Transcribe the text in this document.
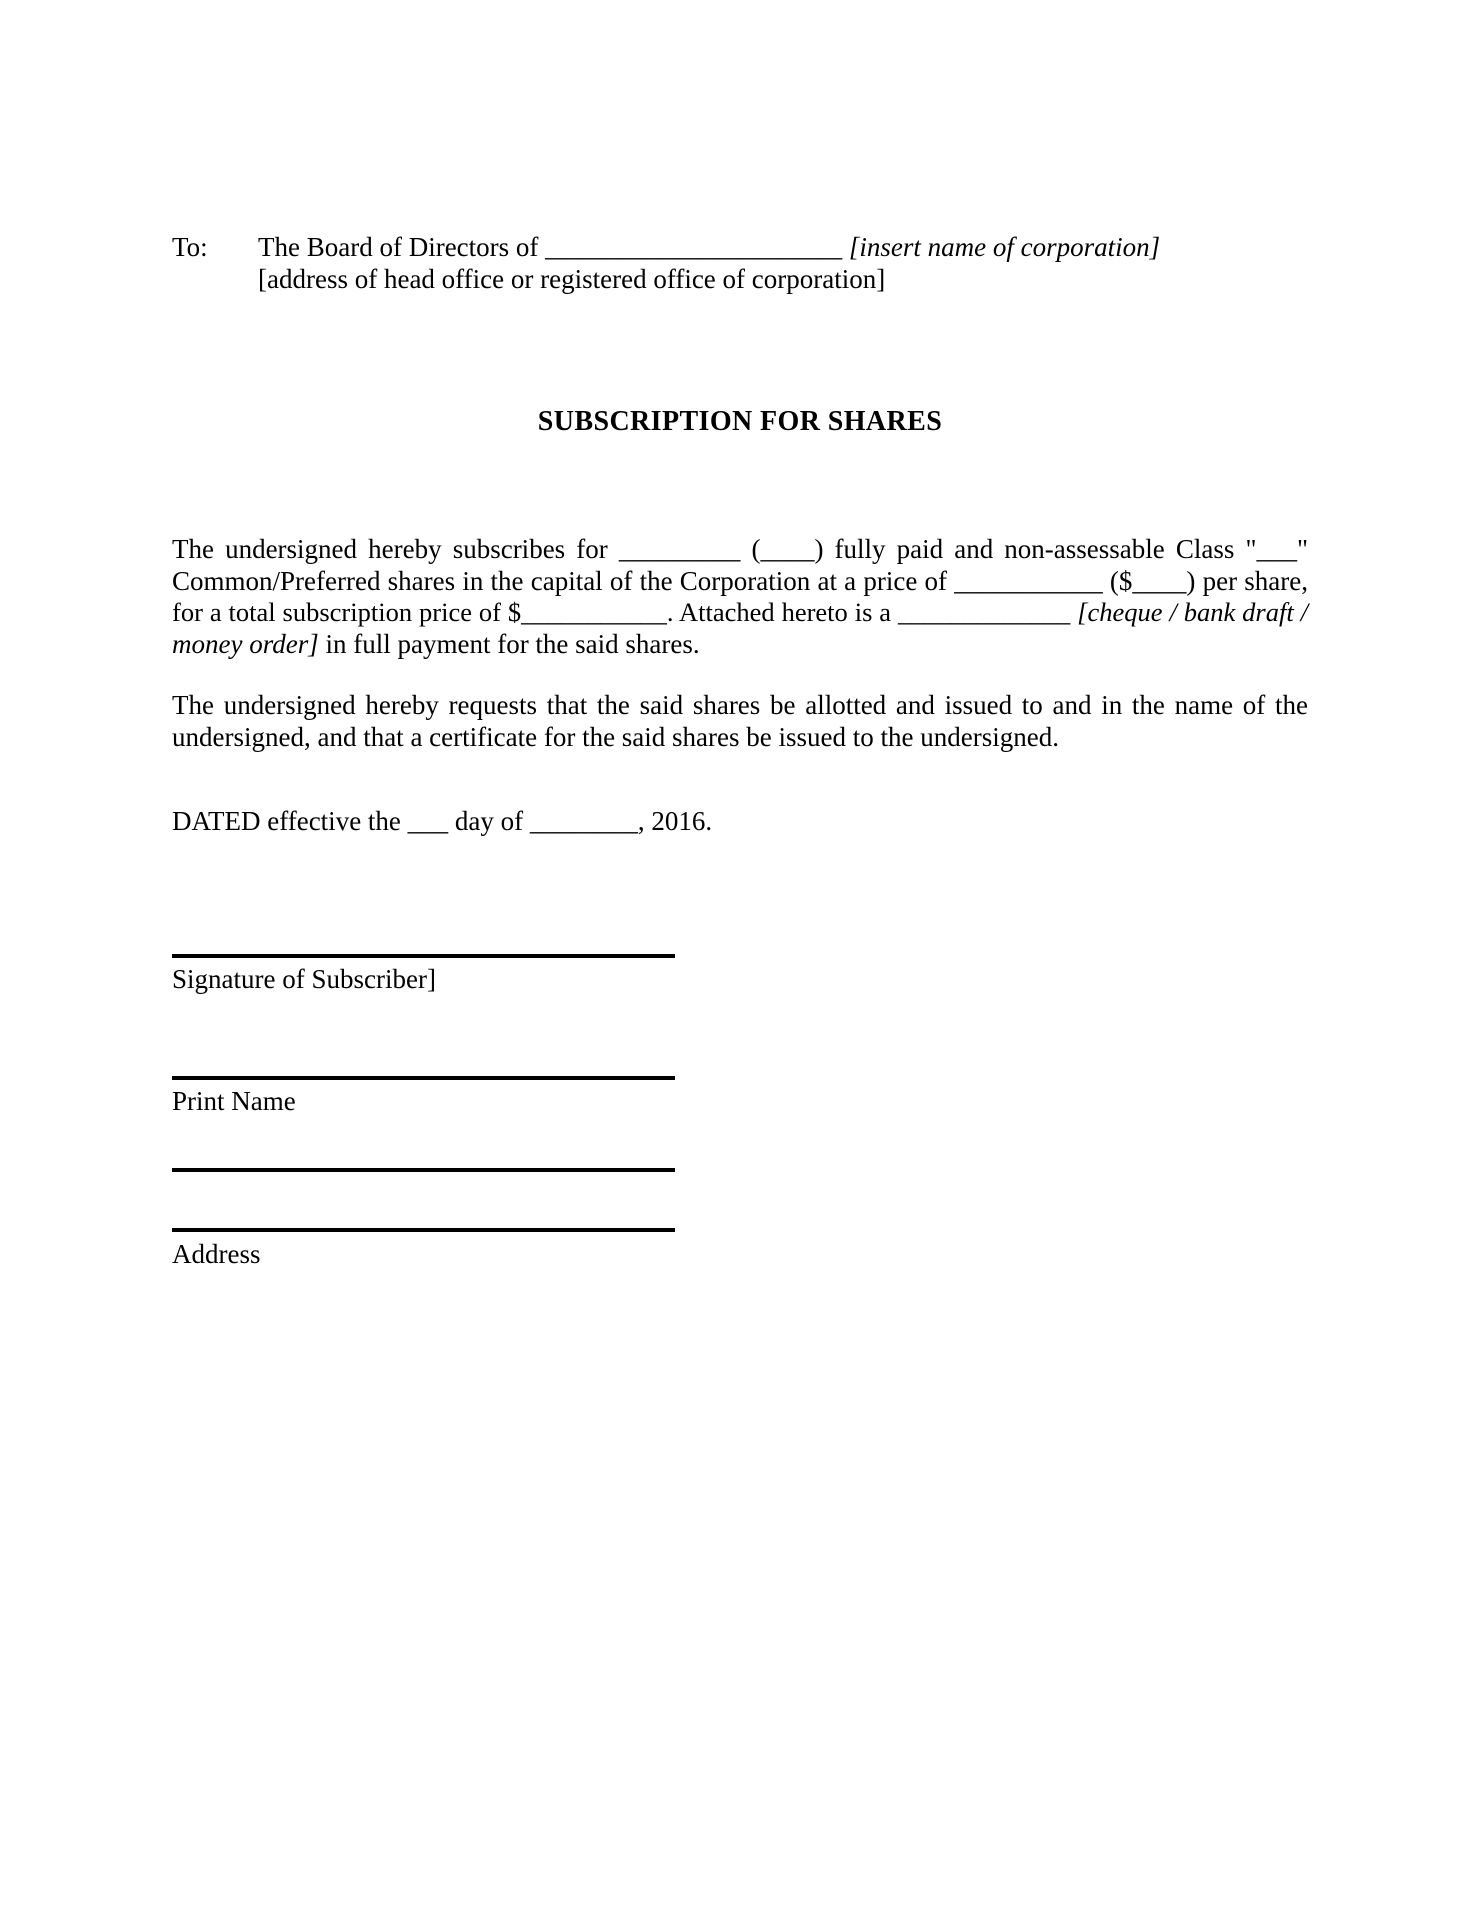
To:	The Board of Directors of ______________________ [insert name of corporation]
[address of head office or registered office of corporation]
SUBSCRIPTION FOR SHARES
The undersigned hereby subscribes for _________ (____) fully paid and non-assessable Class "___"
Common/Preferred shares in the capital of the Corporation at a price of ___________ ($____) per share,
for a total subscription price of $___________. Attached hereto is a _____________ [cheque / bank draft /
money order] in full payment for the said shares.
The undersigned hereby requests that the said shares be allotted and issued to and in the name of the
undersigned, and that a certificate for the said shares be issued to the undersigned.
DATED effective the ___ day of ________, 2016.
Signature of Subscriber]
Print Name
Address
